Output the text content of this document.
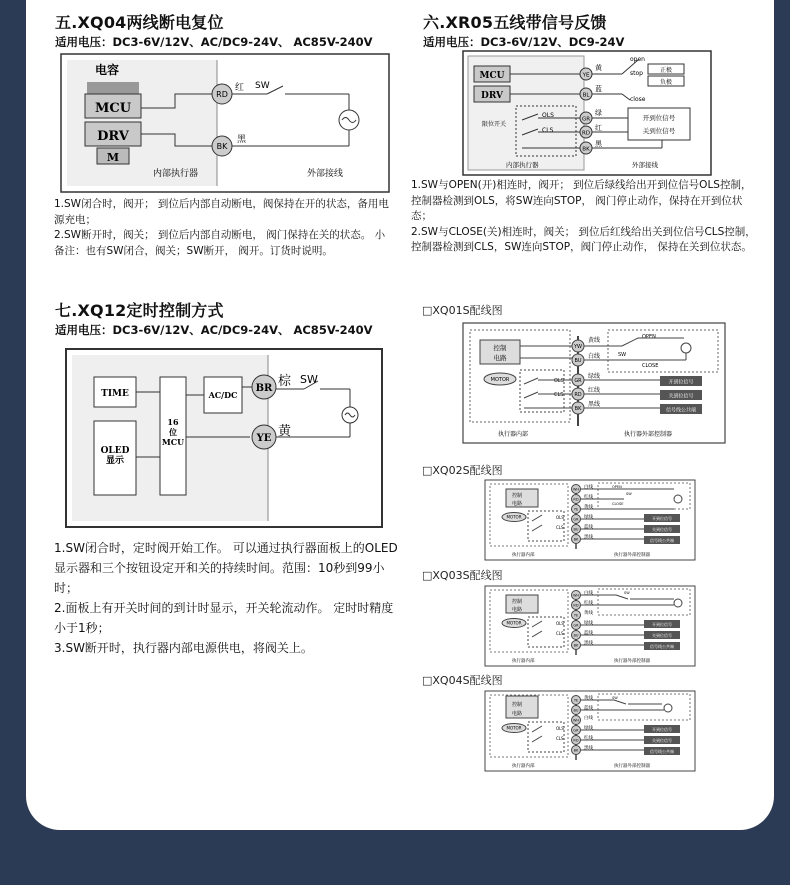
五.XQ04两线断电复位
适用电压：DC3-6V/12V、AC/DC9-24V、 AC85V-240V
电容
MCU
DRV
M
RD
BK
红 SW
黑
内部执行器	外部接线

1.SW闭合时，阀开； 到位后内部自动断电，阀保持在开的状态，备用电源充电；

2.SW断开时，阀关； 到位后内部自动断电， 阀门保持在关的状态。 小 备注：也有SW闭合，阀关；SW断开， 阀开。订货时说明。

六.XR05五线带信号反馈
适用电压：DC3-6V/12V、DC9-24V
MCU
DRV
限位开关
OLS
CLS
YE
BL
GR
RD
BK
黄
蓝
绿
红
黑
open
stop
close
正极
负极
开到位信号
关到位信号
内部执行器	外部接线

1.SW与OPEN(开)相连时，阀开； 到位后绿线给出开到位信号OLS控制，控制器检测到OLS，将SW连向STOP， 阀门停止动作，保持在开到位状态；

2.SW与CLOSE(关)相连时，阀关； 到位后红线给出关到位信号CLS控制，控制器检测到CLS，SW连向STOP，阀门停止动作， 保持在关到位状态。

七.XQ12定时控制方式
适用电压：DC3-6V/12V、AC/DC9-24V、 AC85V-240V
TIME
OLED 显示
16 位 MCU
AC/DC
BR
YE
棕 SW
黄

1.SW闭合时，定时阀开始工作。 可以通过执行器面板上的OLED显示器和三个按钮设定开和关的持续时间。范围：10秒到99小时；

2.面板上有开关时间的到计时显示，开关轮流动作。 定时时精度小于1秒；

3.SW断开时，执行器内部电源供电，将阀关上。

□XQ01S配线图
控制
电路
MOTOR	OLS
CLS
YW
BU
GR
RD
BK
黄线
白线
绿线
红线
黑线
SW
OPEN
CLOSE
开到位信号
关到位信号
信号线公共端
执行器内部	执行器外部控制器
□XQ02S配线图
控制
电路
MOTOR	OLS
CLS
WH
RD
YE
GR
BU
BK
白线
红线
黄线
绿线
蓝线
黑线
OPEN
SW
CLOSE
开到位信号
关到位信号
信号线公共端
执行器内部	执行器外部控制器
□XQ03S配线图
控制
电路
MOTOR	OLS
CLS
WH
RD
YE
GR
BU
BK
白线
红线
黄线
绿线
蓝线
黑线
SW
开到位信号
关到位信号
信号线公共端
执行器内部	执行器外部控制器
□XQ04S配线图
控制
电路
MOTOR	OLS
CLS
YE
BU
WH
GR
RD
BK
黄线
蓝线
白线
绿线
红线
黑线
SW
开到位信号
关到位信号
信号线公共端
执行器内部	执行器外部控制器
